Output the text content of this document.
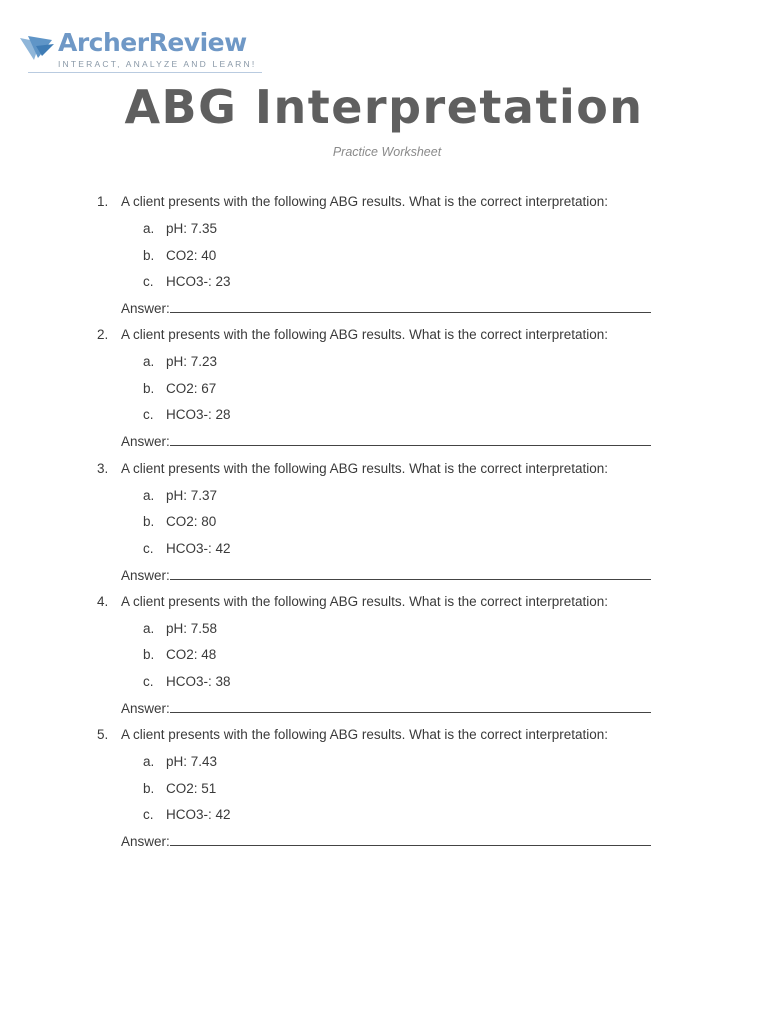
ArcherReview
INTERACT, ANALYZE AND LEARN!
ABG Interpretation
Practice Worksheet
1. A client presents with the following ABG results. What is the correct interpretation:
a. pH: 7.35
b. CO2: 40
c. HCO3-: 23
Answer:
2. A client presents with the following ABG results. What is the correct interpretation:
a. pH: 7.23
b. CO2: 67
c. HCO3-: 28
Answer:
3. A client presents with the following ABG results. What is the correct interpretation:
a. pH: 7.37
b. CO2: 80
c. HCO3-: 42
Answer:
4. A client presents with the following ABG results. What is the correct interpretation:
a. pH: 7.58
b. CO2: 48
c. HCO3-: 38
Answer:
5. A client presents with the following ABG results. What is the correct interpretation:
a. pH: 7.43
b. CO2: 51
c. HCO3-: 42
Answer:
